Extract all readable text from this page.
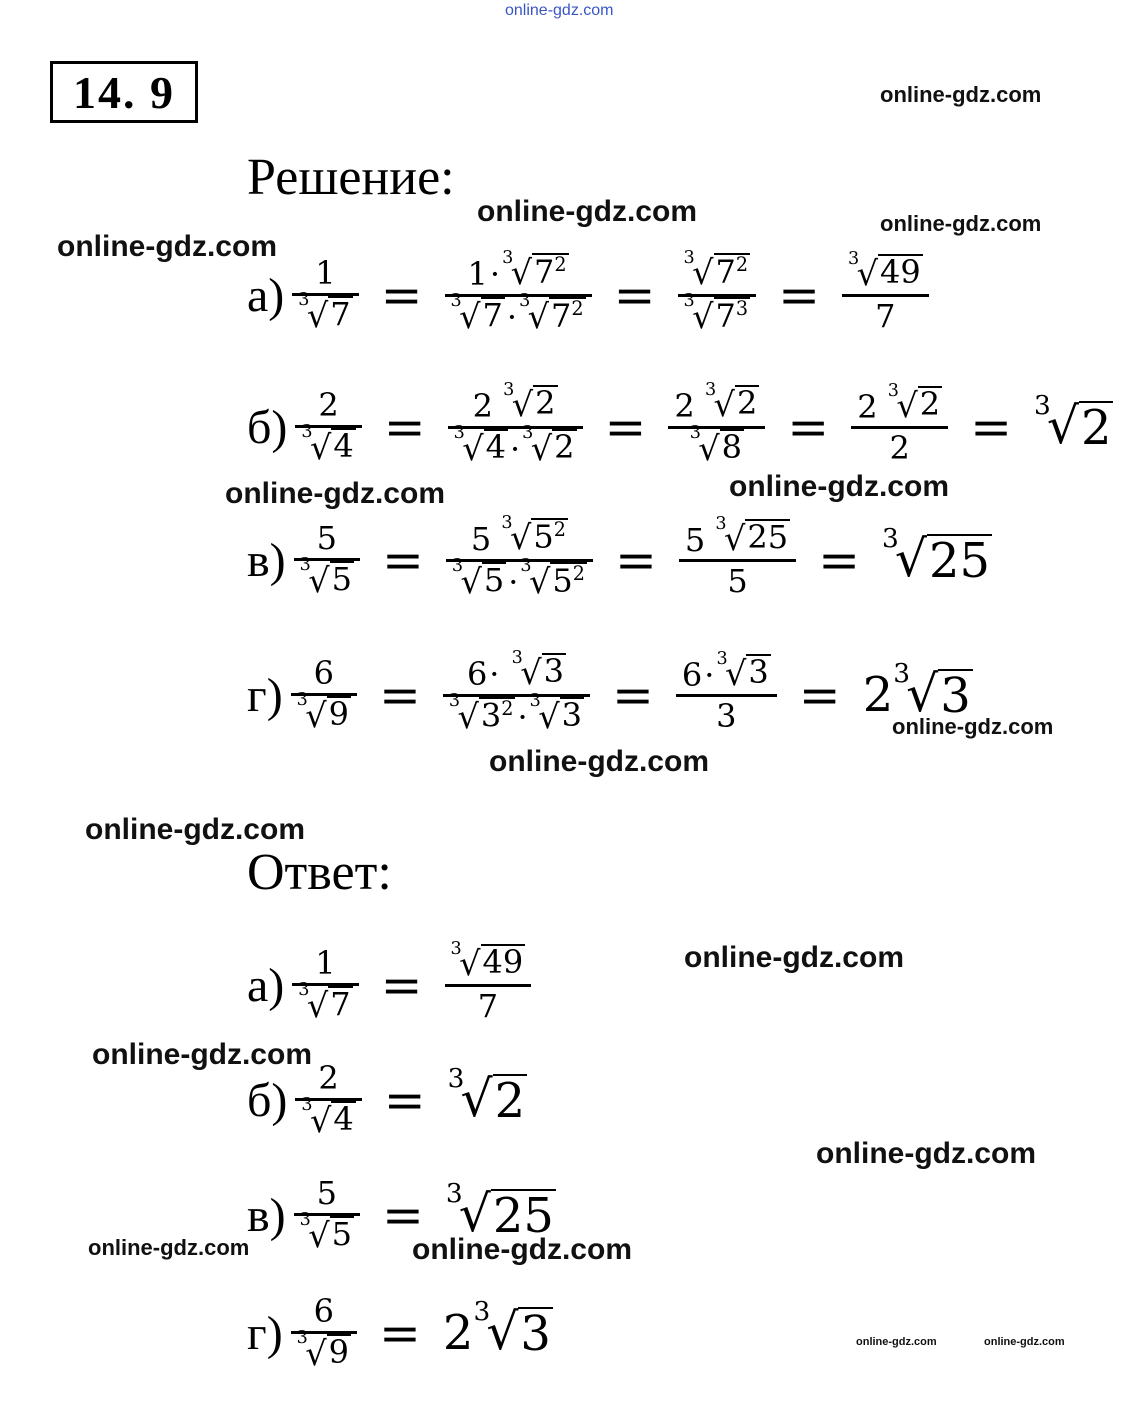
online-gdz.com
online-gdz.com
online-gdz.com	online-gdz.com
online-gdz.com
online-gdz.com	online-gdz.com
online-gdz.com
online-gdz.com
online-gdz.com
online-gdz.com
online-gdz.com
online-gdz.com
online-gdz.com	online-gdz.com
online-gdz.com	online-gdz.com
14. 9
Решение:
Ответ:
а) 1
3
√ 7 = 1 · 3
√ $7^2$
3
√ 7 · 3
√ $7^2 = 3$
√ $7^2$
3
√ $7^3 = 3$
√ 49
7
б) 2
3
√ 4 = 2 3
√ 2
3
√ 4 · 3
√ 2 = 2 3
√ 2
3
√ 8 = 2 3
√ 2
2 = 3
√ 2
в) 5
3
√ 5 = 5 3
√ $5^2$
3
√ 5 · 3
√ $5^2 = 5$ 3
√ 25
5 = 3
√ 25
г) 6
3
√ 9 = 6 ·
3
√ 3
3
√ $3^2 \cdot 3$
√ 3 = 6 · 3
√ 3
3 = 2 3
√ 3
а) 1
3
√ 7 = 3
√ 49
7
б) 2
3
√ 4 = 3
√ 2
в) 5
3
√ 5 = 3
√ 25
г) 6
3
√ 9 = 2 3
√ 3
